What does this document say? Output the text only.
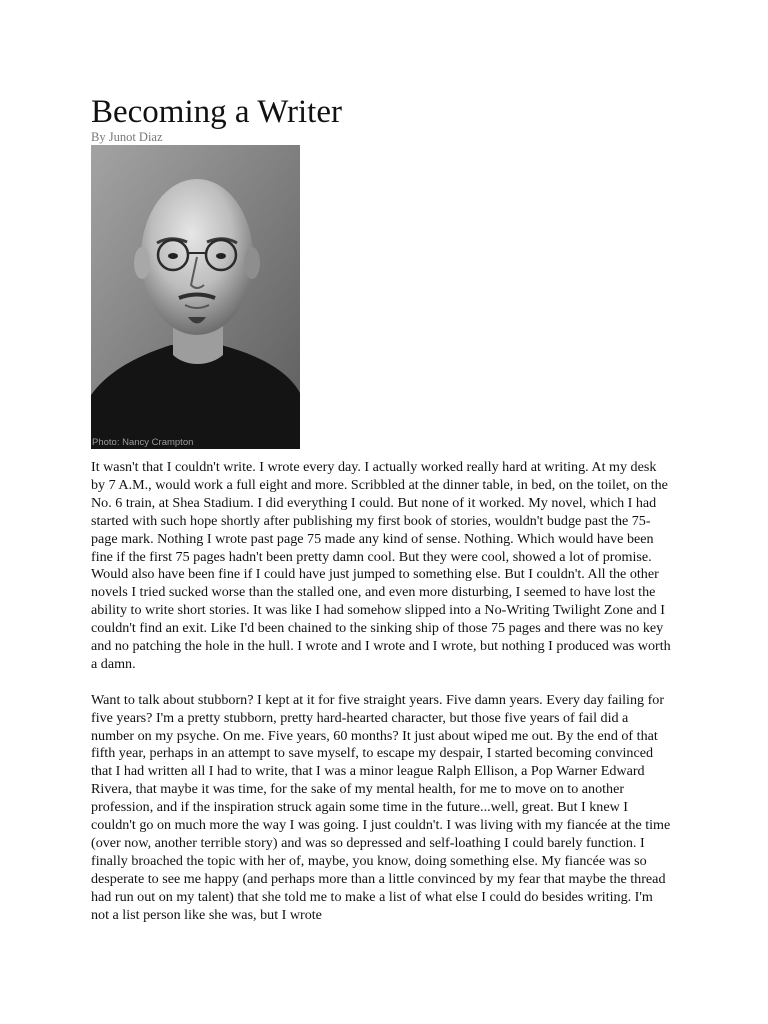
Becoming a Writer
By Junot Diaz
Photo: Nancy Crampton

It wasn't that I couldn't write. I wrote every day. I actually worked really hard at writing. At my desk by 7 A.M., would work a full eight and more. Scribbled at the dinner table, in bed, on the toilet, on the No. 6 train, at Shea Stadium. I did everything I could. But none of it worked. My novel, which I had started with such hope shortly after publishing my first book of stories, wouldn't budge past the 75-page mark. Nothing I wrote past page 75 made any kind of sense. Nothing. Which would have been fine if the first 75 pages hadn't been pretty damn cool. But they were cool, showed a lot of promise. Would also have been fine if I could have just jumped to something else. But I couldn't. All the other novels I tried sucked worse than the stalled one, and even more disturbing, I seemed to have lost the ability to write short stories. It was like I had somehow slipped into a No-Writing Twilight Zone and I couldn't find an exit. Like I'd been chained to the sinking ship of those 75 pages and there was no key and no patching the hole in the hull. I wrote and I wrote and I wrote, but nothing I produced was worth a damn.

Want to talk about stubborn? I kept at it for five straight years. Five damn years. Every day failing for five years? I'm a pretty stubborn, pretty hard-hearted character, but those five years of fail did a number on my psyche. On me. Five years, 60 months? It just about wiped me out. By the end of that fifth year, perhaps in an attempt to save myself, to escape my despair, I started becoming convinced that I had written all I had to write, that I was a minor league Ralph Ellison, a Pop Warner Edward Rivera, that maybe it was time, for the sake of my mental health, for me to move on to another profession, and if the inspiration struck again some time in the future...well, great. But I knew I couldn't go on much more the way I was going. I just couldn't. I was living with my fiancée at the time (over now, another terrible story) and was so depressed and self-loathing I could barely function. I finally broached the topic with her of, maybe, you know, doing something else. My fiancée was so desperate to see me happy (and perhaps more than a little convinced by my fear that maybe the thread had run out on my talent) that she told me to make a list of what else I could do besides writing. I'm not a list person like she was, but I wrote
